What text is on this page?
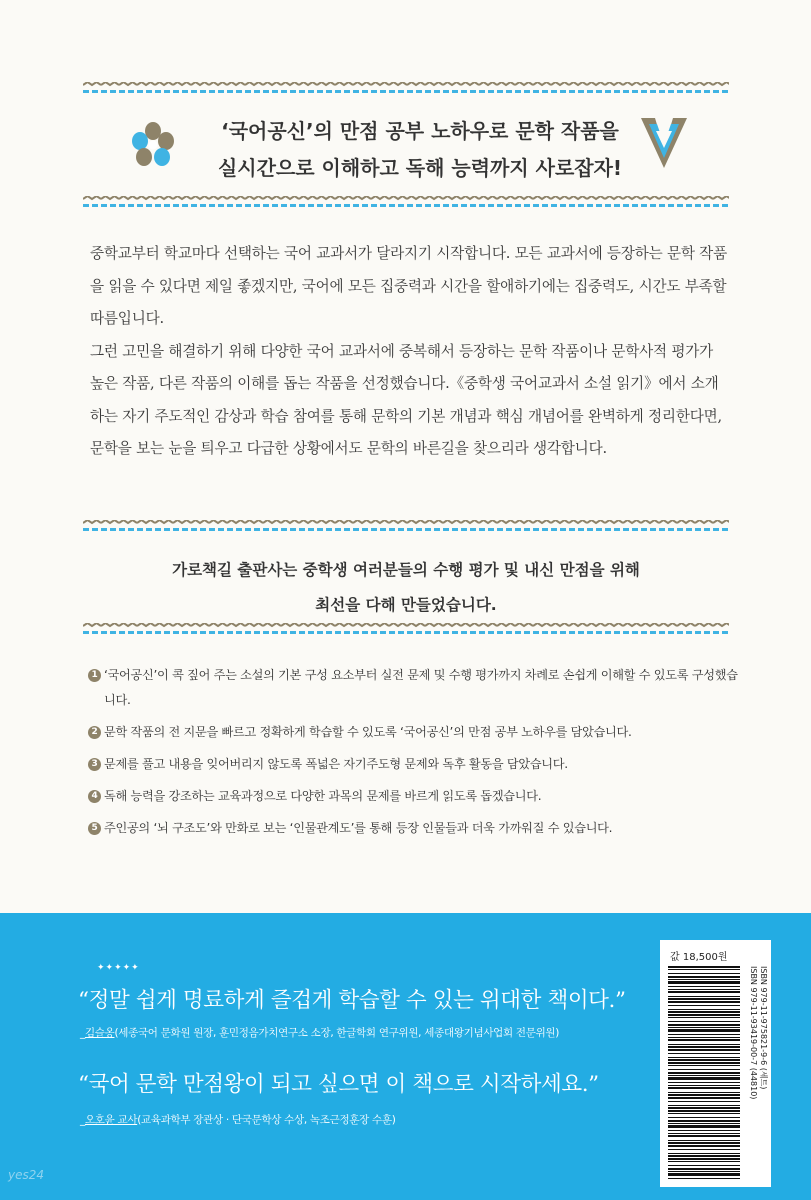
‘국어공신’의 만점 공부 노하우로 문학 작품을
실시간으로 이해하고 독해 능력까지 사로잡자!

중학교부터 학교마다 선택하는 국어 교과서가 달라지기 시작합니다. 모든 교과서에 등장하는 문학 작품을 읽을 수 있다면 제일 좋겠지만, 국어에 모든 집중력과 시간을 할애하기에는 집중력도, 시간도 부족할 따름입니다.

그런 고민을 해결하기 위해 다양한 국어 교과서에 중복해서 등장하는 문학 작품이나 문학사적 평가가 높은 작품, 다른 작품의 이해를 돕는 작품을 선정했습니다.《중학생 국어교과서 소설 읽기》에서 소개하는 자기 주도적인 감상과 학습 참여를 통해 문학의 기본 개념과 핵심 개념어를 완벽하게 정리한다면, 문학을 보는 눈을 틔우고 다급한 상황에서도 문학의 바른길을 찾으리라 생각합니다.

가로책길 출판사는 중학생 여러분들의 수행 평가 및 내신 만점을 위해
최선을 다해 만들었습니다.
1 ‘국어공신’이 콕 짚어 주는 소설의 기본 구성 요소부터 실전 문제 및 수행 평가까지 차례로 손쉽게 이해할 수 있도록 구성했습니다.
2 문학 작품의 전 지문을 빠르고 정확하게 학습할 수 있도록 ‘국어공신’의 만점 공부 노하우를 담았습니다.
3 문제를 풀고 내용을 잊어버리지 않도록 폭넓은 자기주도형 문제와 독후 활동을 담았습니다.
4 독해 능력을 강조하는 교육과정으로 다양한 과목의 문제를 바르게 읽도록 돕겠습니다.
5 주인공의 ‘뇌 구조도’와 만화로 보는 ‘인물관계도’를 통해 등장 인물들과 더욱 가까워질 수 있습니다.
✦✦✦✦✦
“정말 쉽게 명료하게 즐겁게 학습할 수 있는 위대한 책이다.”
_김슬옹(세종국어 문화원 원장, 훈민정음가치연구소 소장, 한글학회 연구위원, 세종대왕기념사업회 전문위원)
“국어 문학 만점왕이 되고 싶으면 이 책으로 시작하세요.”
_오호윤 교사(교육과학부 장관상 · 단국문학상 수상, 녹조근정훈장 수훈)
값 18,500원
ISBN 979-11-93419-00-7 (44810) ISBN 979-11-975821-9-6 (세트)
yes24
